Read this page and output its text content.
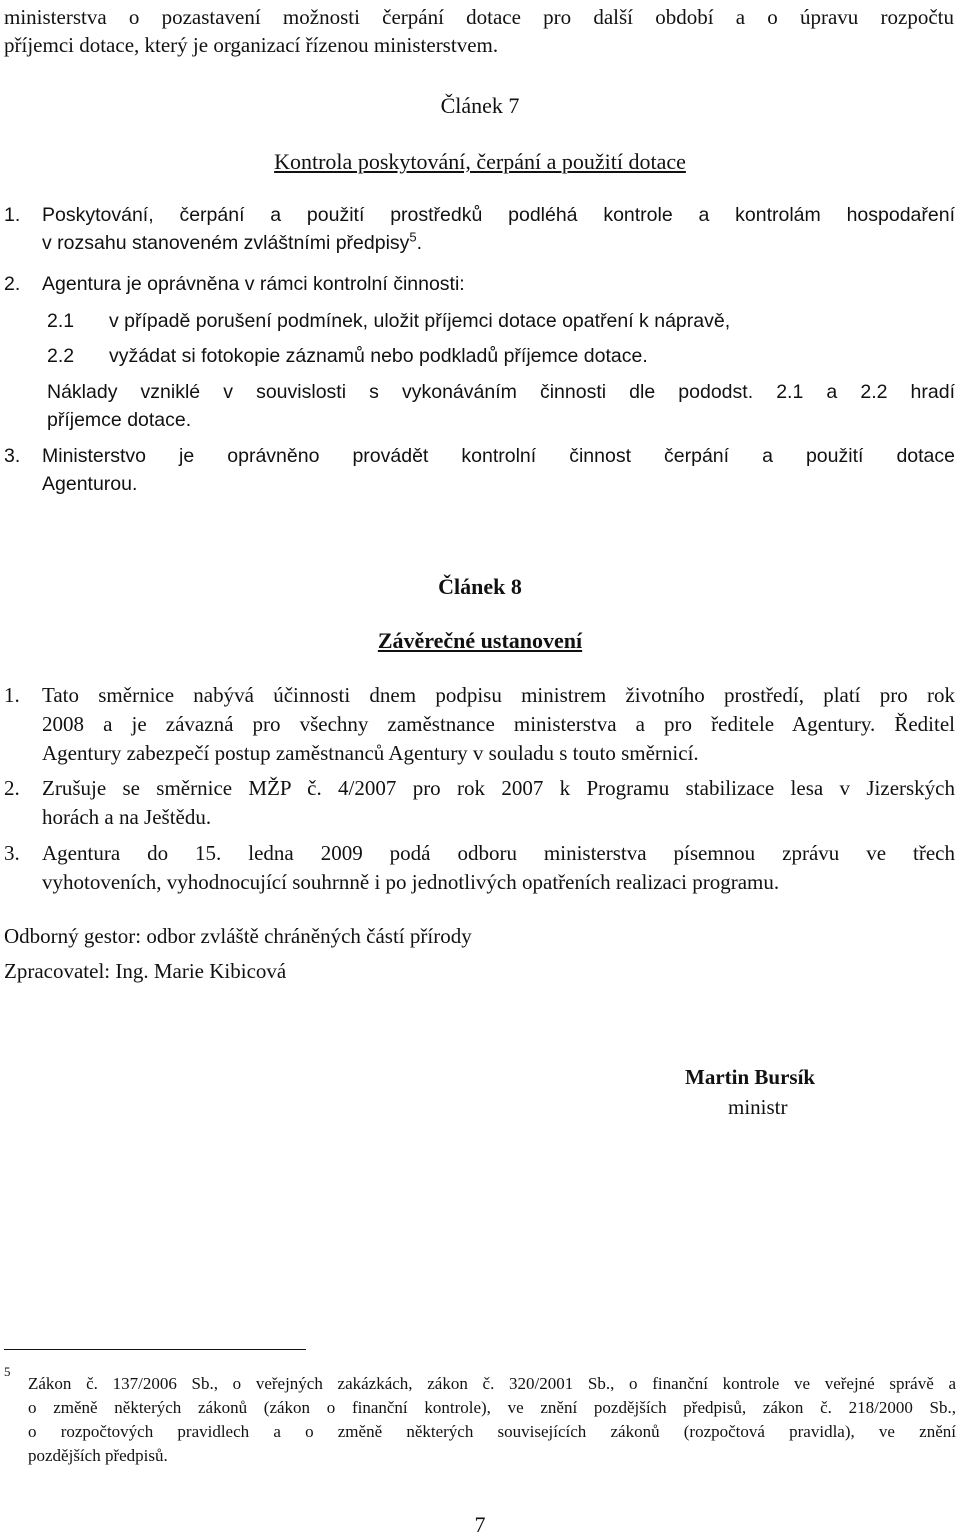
ministerstva o pozastavení možnosti čerpání dotace pro další období a o úpravu rozpočtu
příjemci dotace, který je organizací řízenou ministerstvem.
Článek 7
Kontrola poskytování, čerpání a použití dotace
1. Poskytování, čerpání a použití prostředků podléhá kontrole a kontrolám hospodaření
v rozsahu stanoveném zvláštními předpisy$^5$.
2. Agentura je oprávněna v rámci kontrolní činnosti:
2.1 v případě porušení podmínek, uložit příjemci dotace opatření k nápravě,
2.2 vyžádat si fotokopie záznamů nebo podkladů příjemce dotace.
Náklady vzniklé v souvislosti s vykonáváním činnosti dle pododst. 2.1 a 2.2 hradí
příjemce dotace.
3. Ministerstvo je oprávněno provádět kontrolní činnost čerpání a použití dotace
Agenturou.
Článek 8
Závěrečné ustanovení
1. Tato směrnice nabývá účinnosti dnem podpisu ministrem životního prostředí, platí pro rok
2008 a je závazná pro všechny zaměstnance ministerstva a pro ředitele Agentury. Ředitel
Agentury zabezpečí postup zaměstnanců Agentury v souladu s touto směrnicí.
2. Zrušuje se směrnice MŽP č. 4/2007 pro rok 2007 k Programu stabilizace lesa v Jizerských
horách a na Ještědu.
3. Agentura do 15. ledna 2009 podá odboru ministerstva písemnou zprávu ve třech
vyhotoveních, vyhodnocující souhrnně i po jednotlivých opatřeních realizaci programu.
Odborný gestor: odbor zvláště chráněných částí přírody
Zpracovatel: Ing. Marie Kibicová
Martin Bursík
ministr
5
Zákon č. 137/2006 Sb., o veřejných zakázkách, zákon č. 320/2001 Sb., o finanční kontrole ve veřejné správě a
o změně některých zákonů (zákon o finanční kontrole), ve znění pozdějších předpisů, zákon č. 218/2000 Sb.,
o rozpočtových pravidlech a o změně některých souvisejících zákonů (rozpočtová pravidla), ve znění
pozdějších předpisů.
7
